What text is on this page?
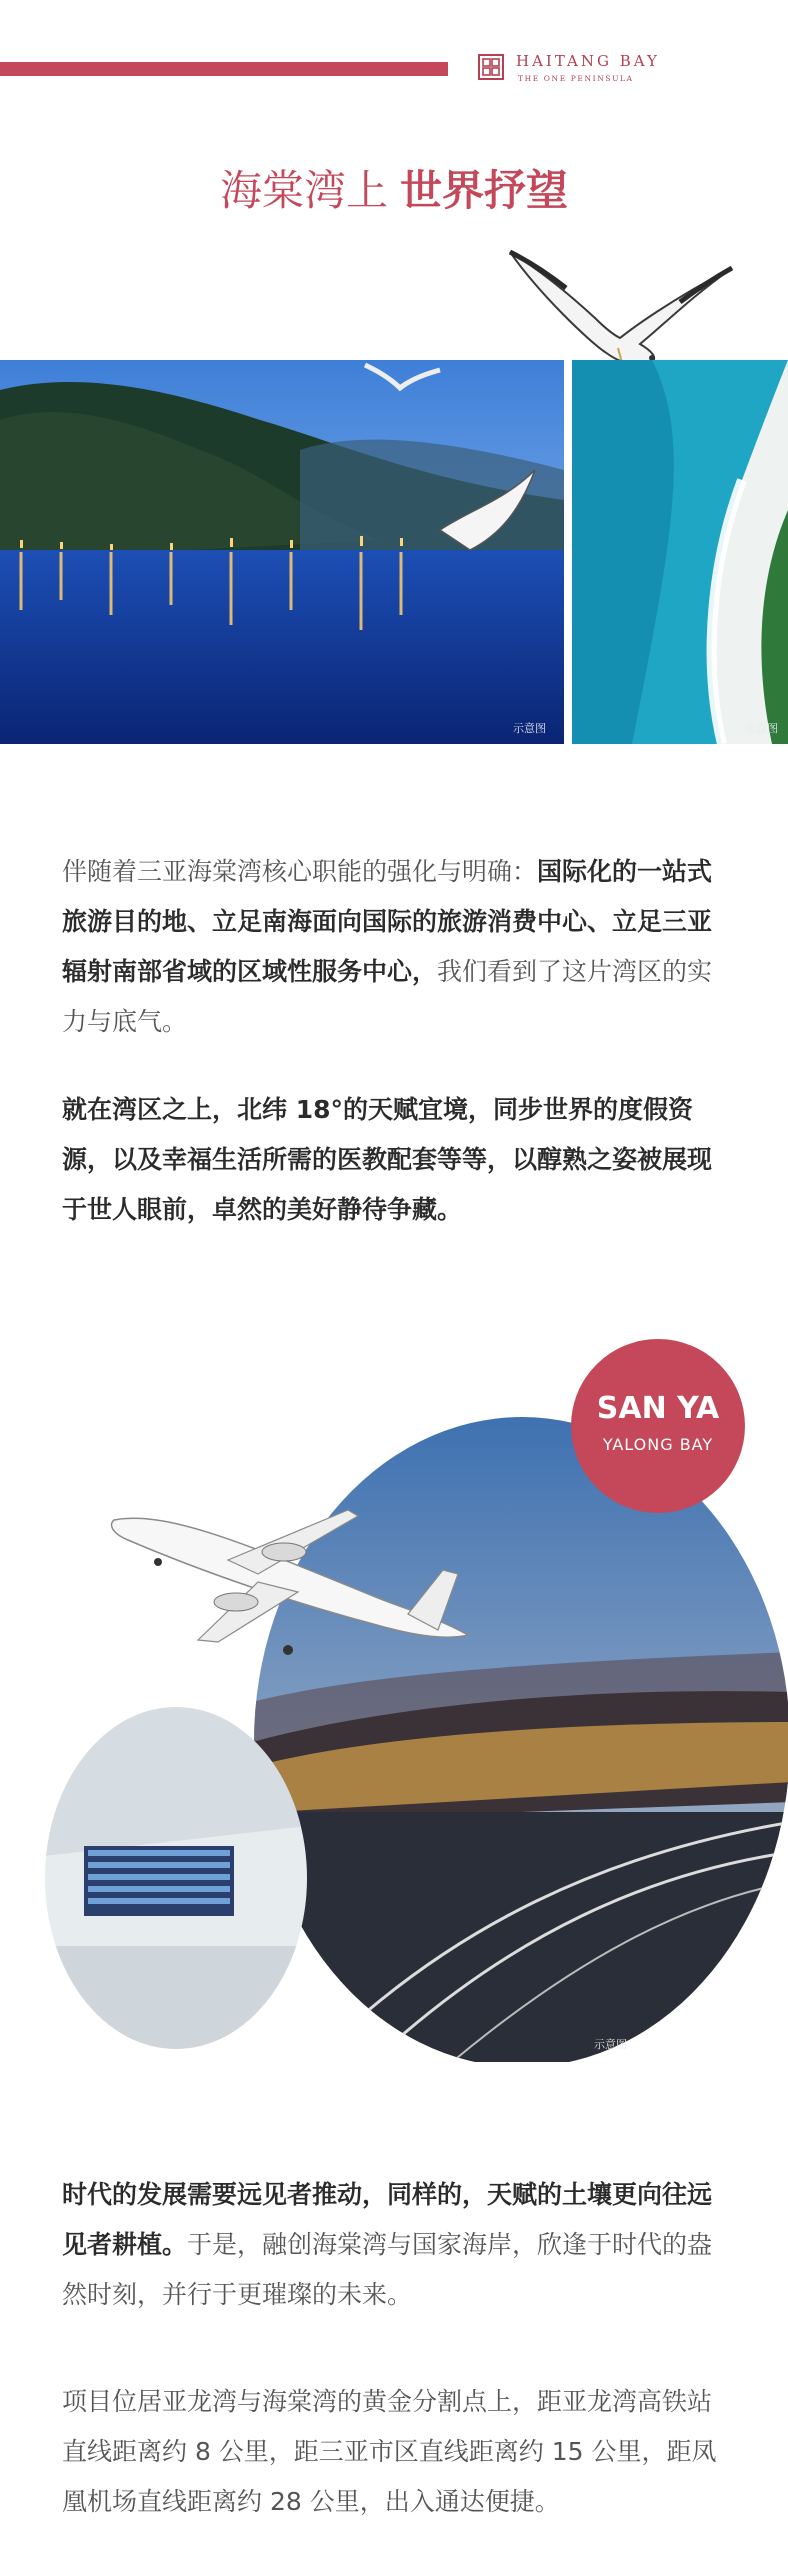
HAITANG BAY
THE ONE PENINSULA
海棠湾上 世界抒望
示意图	示意图

伴随着三亚海棠湾核心职能的强化与明确：国际化的一站式旅游目的地、立足南海面向国际的旅游消费中心、立足三亚辐射南部省域的区域性服务中心，我们看到了这片湾区的实力与底气。

就在湾区之上，北纬 18°的天赋宜境，同步世界的度假资源，以及幸福生活所需的医教配套等等，以醇熟之姿被展现于世人眼前，卓然的美好静待争藏。

示意图
SAN YA
YALONG BAY

时代的发展需要远见者推动，同样的，天赋的土壤更向往远见者耕植。于是，融创海棠湾与国家海岸，欣逢于时代的盎然时刻，并行于更璀璨的未来。

项目位居亚龙湾与海棠湾的黄金分割点上，距亚龙湾高铁站直线距离约 8 公里，距三亚市区直线距离约 15 公里，距凤凰机场直线距离约 28 公里，出入通达便捷。
